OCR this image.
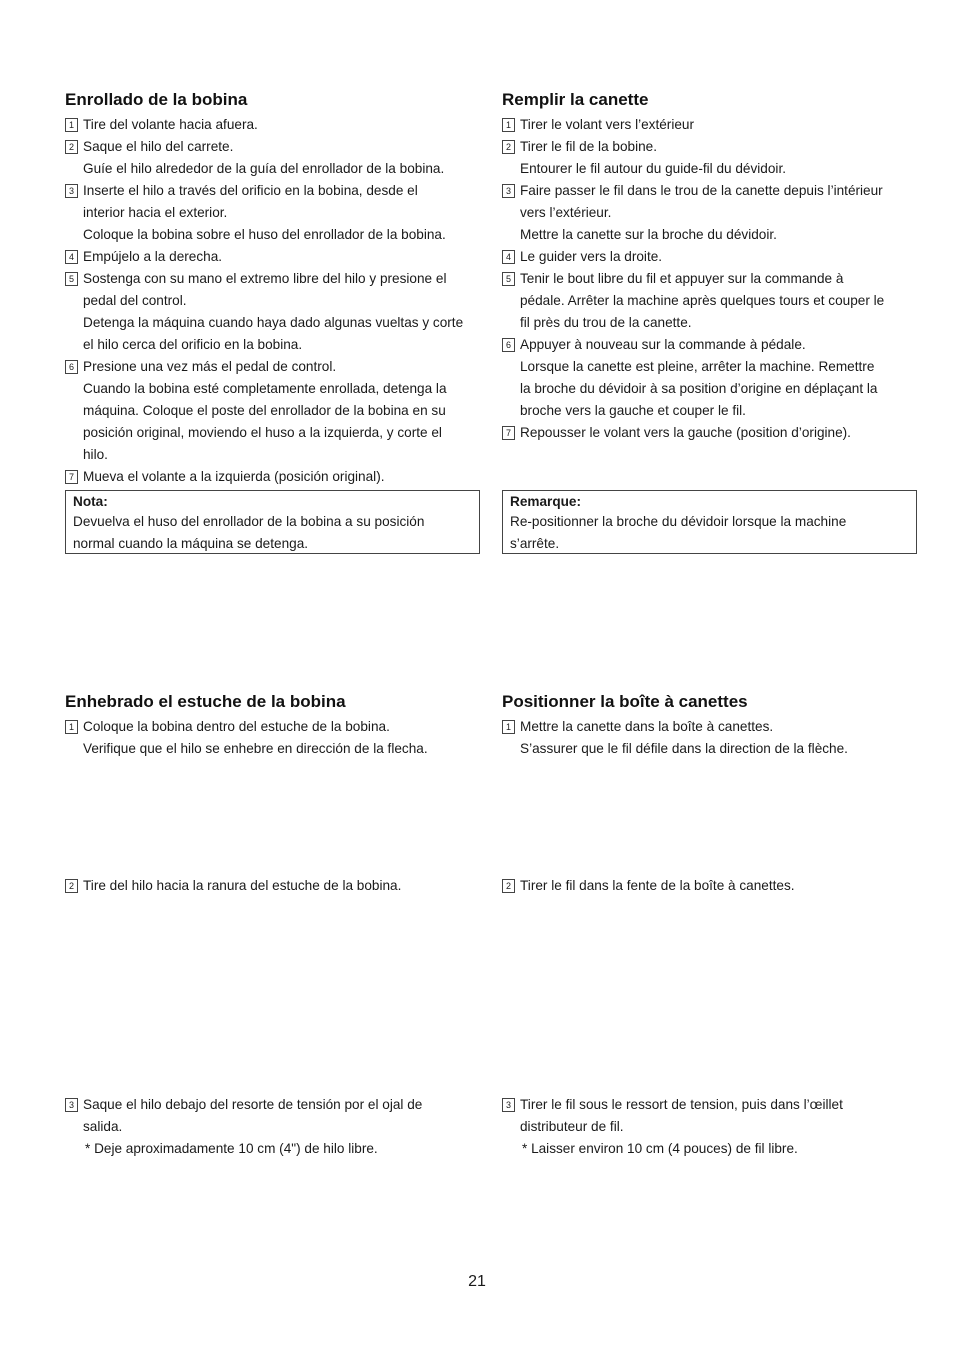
Enrollado de la bobina
1 Tire del volante hacia afuera.
2 Saque el hilo del carrete.
Guíe el hilo alrededor de la guía del enrollador de la bobina.
3 Inserte el hilo a través del orificio en la bobina, desde el
interior hacia el exterior.
Coloque la bobina sobre el huso del enrollador de la bobina.
4 Empújelo a la derecha.
5 Sostenga con su mano el extremo libre del hilo y presione el
pedal del control.
Detenga la máquina cuando haya dado algunas vueltas y corte
el hilo cerca del orificio en la bobina.
6 Presione una vez más el pedal de control.
Cuando la bobina esté completamente enrollada, detenga la
máquina. Coloque el poste del enrollador de la bobina en su
posición original, moviendo el huso a la izquierda, y corte el
hilo.
7 Mueva el volante a la izquierda (posición original).
Remplir la canette
1 Tirer le volant vers l’extérieur
2 Tirer le fil de la bobine.
Entourer le fil autour du guide-fil du dévidoir.
3 Faire passer le fil dans le trou de la canette depuis l’intérieur
vers l’extérieur.
Mettre la canette sur la broche du dévidoir.
4 Le guider vers la droite.
5 Tenir le bout libre du fil et appuyer sur la commande à
pédale. Arrêter la machine après quelques tours et couper le
fil près du trou de la canette.
6 Appuyer à nouveau sur la commande à pédale.
Lorsque la canette est pleine, arrêter la machine. Remettre
la broche du dévidoir à sa position d’origine en déplaçant la
broche vers la gauche et couper le fil.
7 Repousser le volant vers la gauche (position d’origine).
Nota:
Devuelva el huso del enrollador de la bobina a su posición
normal cuando la máquina se detenga.
Remarque:
Re-positionner la broche du dévidoir lorsque la machine
s’arrête.
Enhebrado el estuche de la bobina
1 Coloque la bobina dentro del estuche de la bobina.
Verifique que el hilo se enhebre en dirección de la flecha.
2 Tire del hilo hacia la ranura del estuche de la bobina.
3 Saque el hilo debajo del resorte de tensión por el ojal de
salida.
* Deje aproximadamente 10 cm (4") de hilo libre.
Positionner la boîte à canettes
1 Mettre la canette dans la boîte à canettes.
S’assurer que le fil défile dans la direction de la flèche.
2 Tirer le fil dans la fente de la boîte à canettes.
3 Tirer le fil sous le ressort de tension, puis dans l’œillet
distributeur de fil.
* Laisser environ 10 cm (4 pouces) de fil libre.
21
